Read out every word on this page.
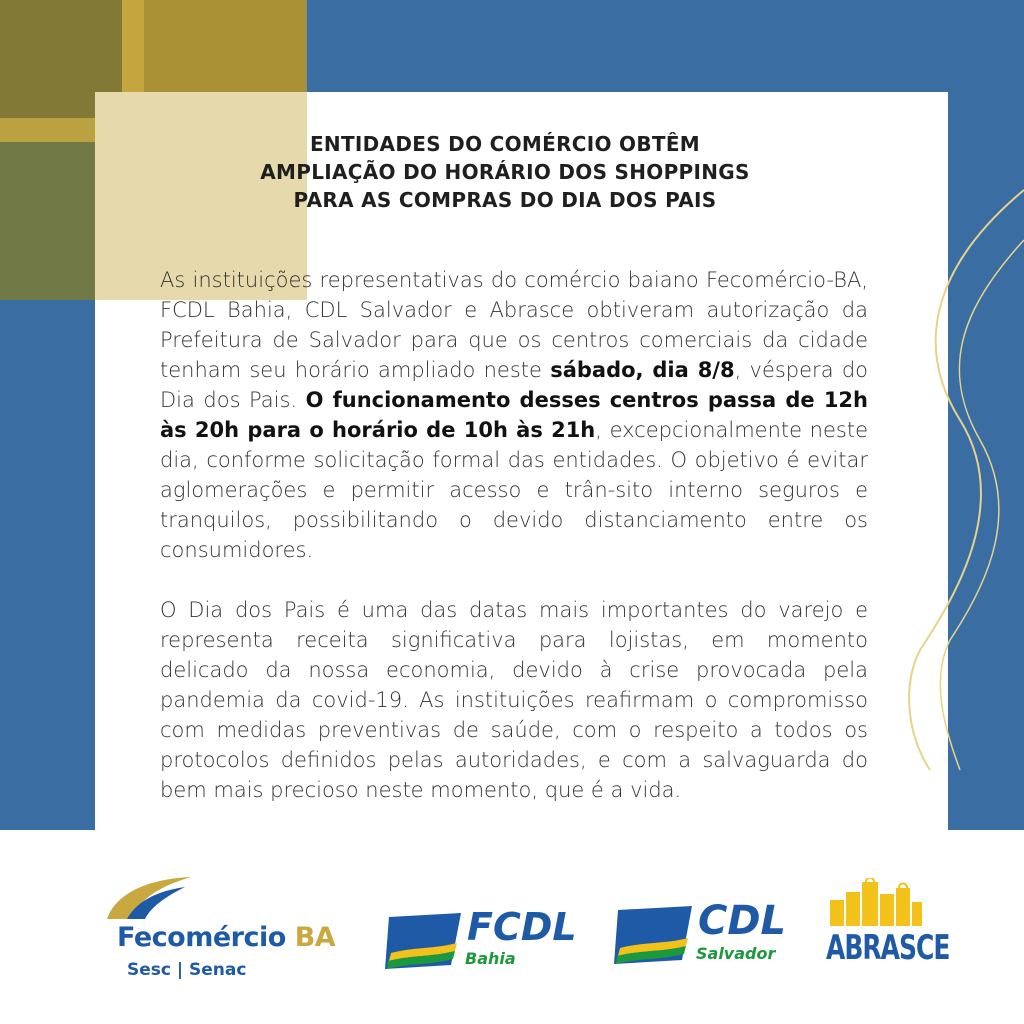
ENTIDADES DO COMÉRCIO OBTÊM
AMPLIAÇÃO DO HORÁRIO DOS SHOPPINGS
PARA AS COMPRAS DO DIA DOS PAIS

As instituições representativas do comércio baiano Fecomércio-BA, FCDL Bahia, CDL Salvador e Abrasce obtiveram autorização da Prefeitura de Salvador para que os centros comerciais da cidade tenham seu horário ampliado neste sábado, dia 8/8, véspera do Dia dos Pais. O funcionamento desses centros passa de 12h às 20h para o horário de 10h às 21h, excepcionalmente neste dia, conforme solicitação formal das entidades. O objetivo é evitar aglomerações e permitir acesso e trân-sito interno seguros e tranquilos, possibilitando o devido distanciamento entre os consumidores.

O Dia dos Pais é uma das datas mais importantes do varejo e representa receita significativa para lojistas, em momento delicado da nossa economia, devido à crise provocada pela pandemia da covid-19. As instituições reafirmam o compromisso com medidas preventivas de saúde, com o respeito a todos os protocolos definidos pelas autoridades, e com a salvaguarda do bem mais precioso neste momento, que é a vida.

Fecomércio BA
Sesc | Senac
FCDL
Bahia
CDL
Salvador ABRASCE
